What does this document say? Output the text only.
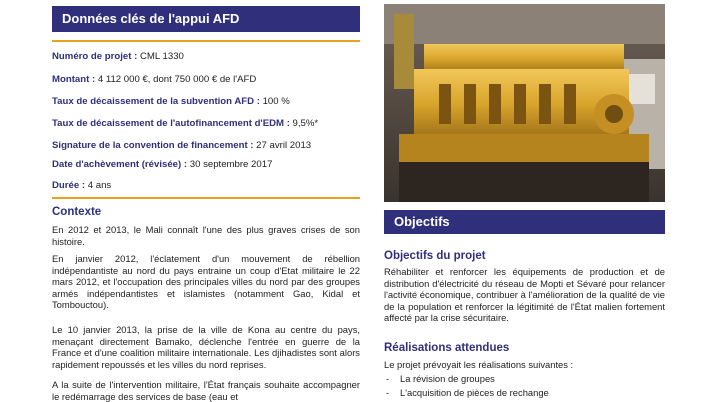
Données clés de l'appui AFD
Numéro de projet : CML 1330
Montant : 4 112 000 €, dont 750 000 € de l'AFD
Taux de décaissement de la subvention AFD : 100 %
Taux de décaissement de l'autofinancement d'EDM : 9,5%*
Signature de la convention de financement : 27 avril 2013
Date d'achèvement (révisée) : 30 septembre 2017
Durée : 4 ans
Contexte
En 2012 et 2013, le Mali connaît l'une des plus graves crises de son histoire.
En janvier 2012, l'éclatement d'un mouvement de rébellion indépendantiste au nord du pays entraine un coup d'Etat militaire le 22 mars 2012, et l'occupation des principales villes du nord par des groupes armés indépendantistes et islamistes (notamment Gao, Kidal et Tombouctou).
Le 10 janvier 2013, la prise de la ville de Kona au centre du pays, menaçant directement Bamako, déclenche l'entrée en guerre de la France et d'une coalition militaire internationale. Les djihadistes sont alors rapidement repoussés et les villes du nord reprises.
A la suite de l'intervention militaire, l'État français souhaite accompagner le redémarrage des services de base (eau et
Objectifs
Objectifs du projet
Réhabiliter et renforcer les équipements de production et de distribution d'électricité du réseau de Mopti et Sévaré pour relancer l'activité économique, contribuer à l'amélioration de la qualité de vie de la population et renforcer la légitimité de l'État malien fortement affecté par la crise sécuritaire.
Réalisations attendues
Le projet prévoyait les réalisations suivantes :
- La révision de groupes
- L'acquisition de pièces de rechange
